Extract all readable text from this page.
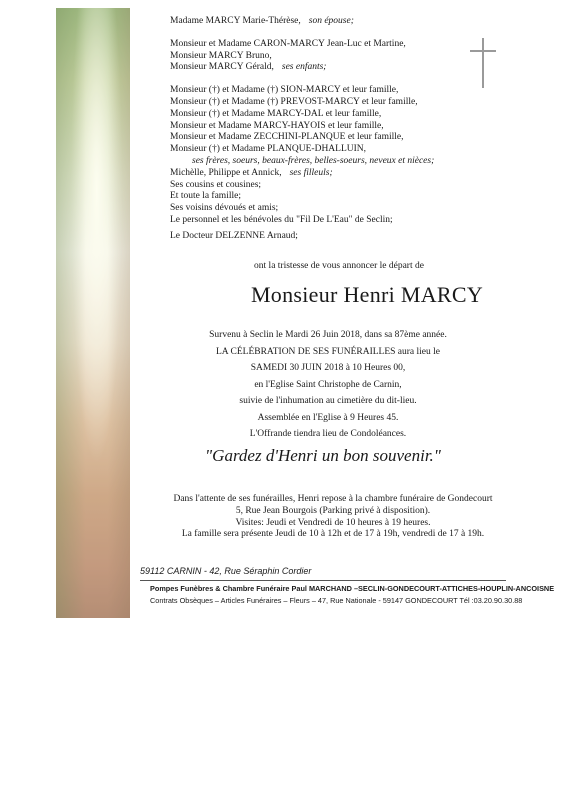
Madame MARCY Marie-Thérèse, son épouse;
Monsieur et Madame CARON-MARCY Jean-Luc et Martine,
Monsieur MARCY Bruno,
Monsieur MARCY Gérald, ses enfants;
Monsieur (†) et Madame (†) SION-MARCY et leur famille,
Monsieur (†) et Madame (†) PREVOST-MARCY et leur famille,
Monsieur (†) et Madame MARCY-DAL et leur famille,
Monsieur et Madame MARCY-HAYOIS et leur famille,
Monsieur et Madame ZECCHINI-PLANQUE et leur famille,
Monsieur (†) et Madame PLANQUE-DHALLUIN,
ses frères, soeurs, beaux-frères, belles-soeurs, neveux et nièces;
Michèlle, Philippe et Annick, ses filleuls;
Ses cousins et cousines;
Et toute la famille;
Ses voisins dévoués et amis;
Le personnel et les bénévoles du "Fil De L'Eau" de Seclin;
Le Docteur DELZENNE Arnaud;
ont la tristesse de vous annoncer le départ de
Monsieur Henri MARCY
Survenu à Seclin le Mardi 26 Juin 2018, dans sa 87ème année.
LA CÉLÉBRATION DE SES FUNÉRAILLES aura lieu le
SAMEDI 30 JUIN 2018 à 10 Heures 00,
en l'Eglise Saint Christophe de Carnin,
suivie de l'inhumation au cimetière du dit-lieu.
Assemblée en l'Eglise à 9 Heures 45.
L'Offrande tiendra lieu de Condoléances.
"Gardez d'Henri un bon souvenir."
Dans l'attente de ses funérailles, Henri repose à la chambre funéraire de Gondecourt
5, Rue Jean Bourgois (Parking privé à disposition).
Visites: Jeudi et Vendredi de 10 heures à 19 heures.
La famille sera présente Jeudi de 10 à 12h et de 17 à 19h, vendredi de 17 à 19h.
59112 CARNIN - 42, Rue Séraphin Cordier
Pompes Funèbres & Chambre Funéraire Paul MARCHAND –SECLIN-GONDECOURT-ATTICHES-HOUPLIN-ANCOISNE
Contrats Obsèques – Articles Funéraires – Fleurs – 47, Rue Nationale - 59147 GONDECOURT Tél :03.20.90.30.88
